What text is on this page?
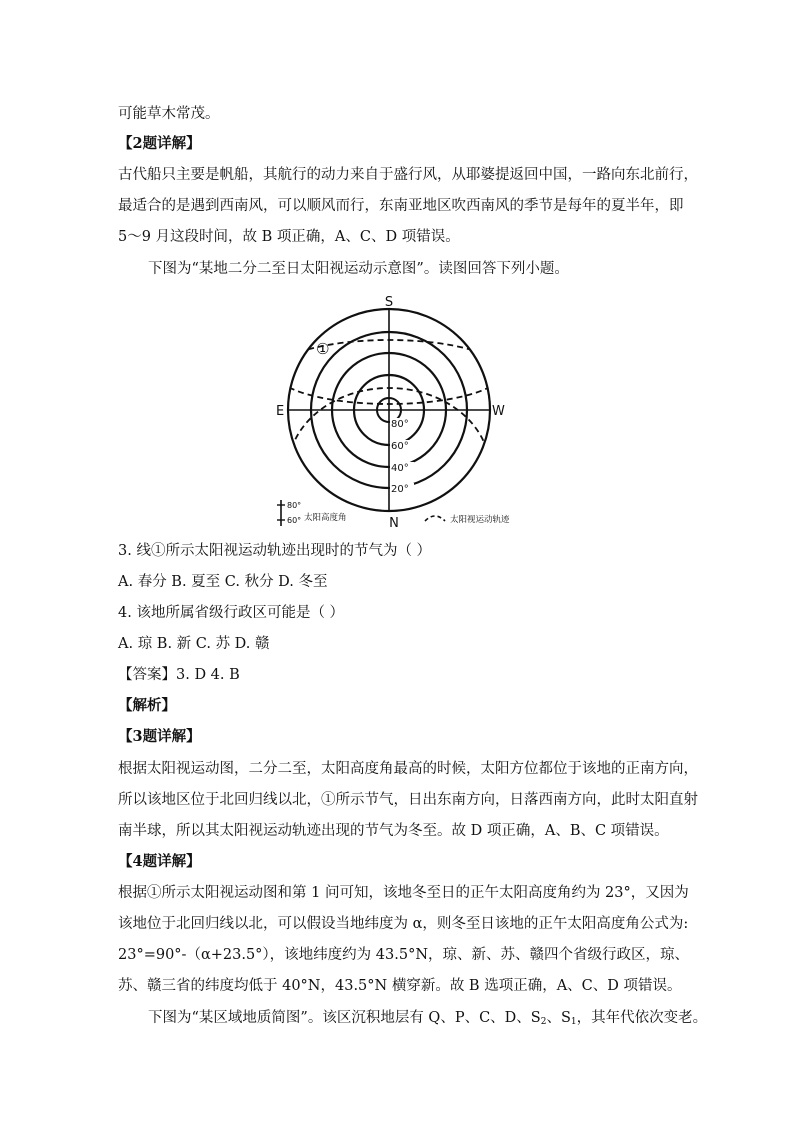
可能草木常茂。
【2题详解】
古代船只主要是帆船，其航行的动力来自于盛行风，从耶婆提返回中国，一路向东北前行，
最适合的是遇到西南风，可以顺风而行，东南亚地区吹西南风的季节是每年的夏半年，即
5～9 月这段时间，故 B 项正确，A、C、D 项错误。
下图为“某地二分二至日太阳视运动示意图”。读图回答下列小题。
S
N
E	W
80°
60°
40°
20°
①
80°
60° 太阳高度角	太阳视运动轨迹
3. 线①所示太阳视运动轨迹出现时的节气为（ ）
A. 春分 B. 夏至 C. 秋分 D. 冬至
4. 该地所属省级行政区可能是（ ）
A. 琼 B. 新 C. 苏 D. 赣
【答案】3. D 4. B
【解析】
【3题详解】
根据太阳视运动图，二分二至，太阳高度角最高的时候，太阳方位都位于该地的正南方向，
所以该地区位于北回归线以北，①所示节气，日出东南方向，日落西南方向，此时太阳直射
南半球，所以其太阳视运动轨迹出现的节气为冬至。故 D 项正确，A、B、C 项错误。
【4题详解】
根据①所示太阳视运动图和第 1 问可知，该地冬至日的正午太阳高度角约为 23°，又因为
该地位于北回归线以北，可以假设当地纬度为 α，则冬至日该地的正午太阳高度角公式为:
23°=90°-（α+23.5°），该地纬度约为 43.5°N，琼、新、苏、赣四个省级行政区，琼、
苏、赣三省的纬度均低于 40°N，43.5°N 横穿新。故 B 选项正确，A、C、D 项错误。
下图为“某区域地质简图”。该区沉积地层有 Q、P、C、D、$S_2$、$S_1$，其年代依次变老。
